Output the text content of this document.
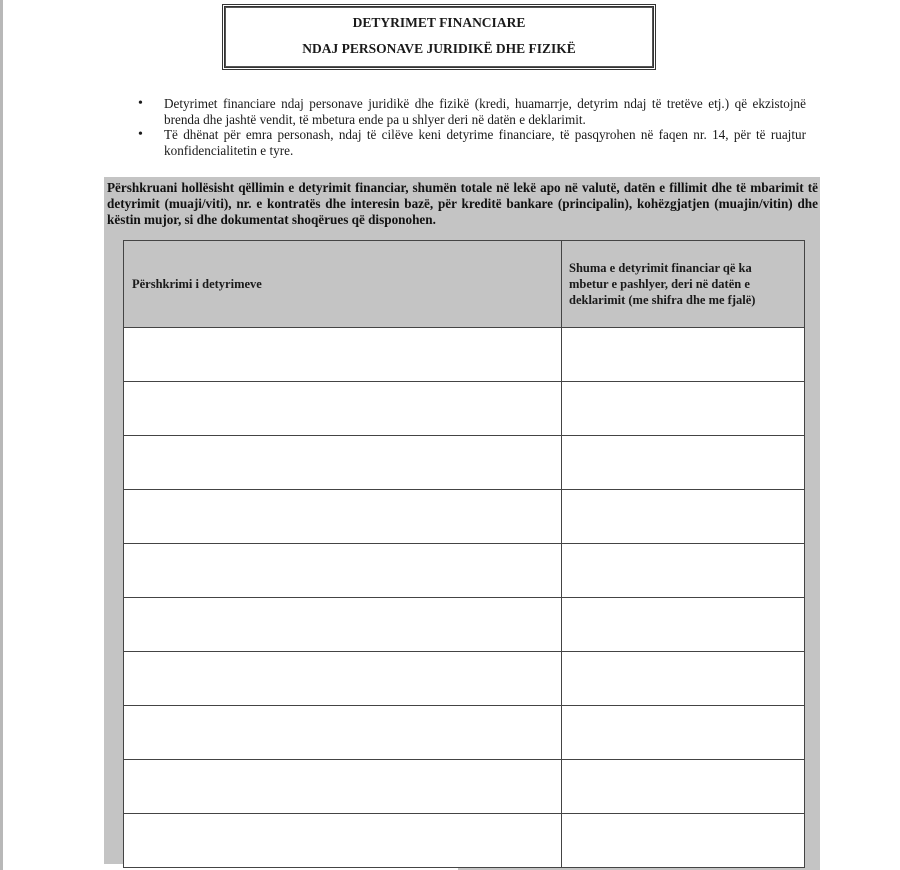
DETYRIMET FINANCIARE
NDAJ PERSONAVE JURIDIKË DHE FIZIKË
• Detyrimet financiare ndaj personave juridikë dhe fizikë (kredi, huamarrje, detyrim ndaj të tretëve etj.) që ekzistojnë brenda dhe jashtë vendit, të mbetura ende pa u shlyer deri në datën e deklarimit.
• Të dhënat për emra personash, ndaj të cilëve keni detyrime financiare, të pasqyrohen në faqen nr. 14, për të ruajtur konfidencialitetin e tyre.
Përshkruani hollësisht qëllimin e detyrimit financiar, shumën totale në lekë apo në valutë, datën e fillimit dhe të mbarimit të detyrimit (muaji/viti), nr. e kontratës dhe interesin bazë, për kreditë bankare (principalin), kohëzgjatjen (muajin/vitin) dhe këstin mujor, si dhe dokumentat shoqërues që disponohen.
Përshkrimi i detyrimeve	Shuma e detyrimit financiar që ka mbetur e pashlyer, deri në datën e deklarimit (me shifra dhe me fjalë)
